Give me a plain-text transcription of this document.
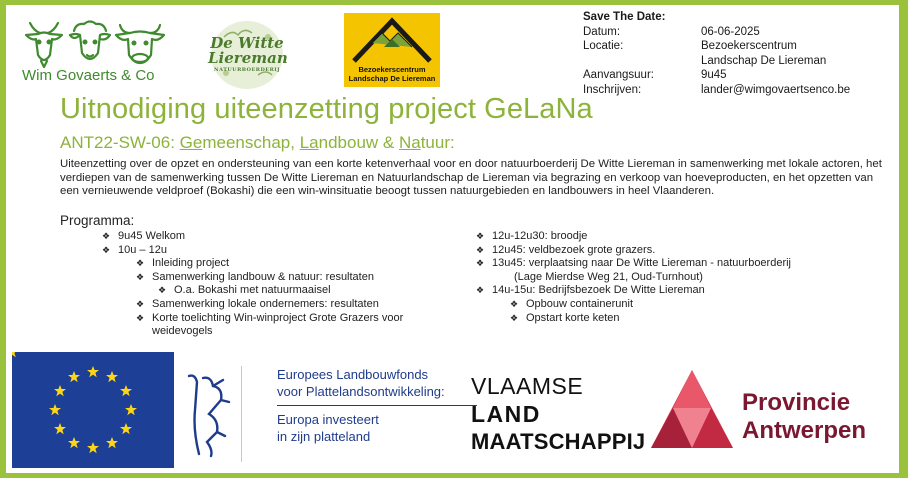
Wim Govaerts & Co
De Witte
Liereman
NATUURBOERDERIJ	Bezoekerscentrum
Landschap De Liereman
Save The Date:
Datum:	06-06-2025
Locatie:	Bezoekerscentrum
Landschap De Liereman
Aanvangsuur:	9u45
Inschrijven:	lander@wimgovaertsenco.be
Uitnodiging uiteenzetting project GeLaNa
ANT22-SW-06: Gemeenschap, Landbouw & Natuur:
Uiteenzetting over de opzet en ondersteuning van een korte ketenverhaal voor en door natuurboerderij De Witte Liereman in samenwerking met lokale actoren, het verdiepen van de samenwerking tussen De Witte Liereman en Natuurlandschap de Liereman via begrazing en verkoop van hoeveproducten, en het opzetten van een vernieuwende veldproef (Bokashi) die een win-winsituatie beoogt tussen natuurgebieden en landbouwers in heel Vlaanderen.
Programma:
❖ 9u45 Welkom
❖ 10u – 12u
❖ Inleiding project
❖ Samenwerking landbouw & natuur: resultaten
❖ O.a. Bokashi met natuurmaaisel
❖ Samenwerking lokale ondernemers: resultaten
❖ Korte toelichting Win-winproject Grote Grazers voor
weidevogels
❖ 12u-12u30: broodje
❖ 12u45: veldbezoek grote grazers.
❖ 13u45: verplaatsing naar De Witte Liereman - natuurboerderij
(Lage Mierdse Weg 21, Oud-Turnhout)
❖ 14u-15u: Bedrijfsbezoek De Witte Liereman
❖ Opbouw containerunit
❖ Opstart korte keten
Europees Landbouwfonds
voor Plattelandsontwikkeling:
Europa investeert
in zijn platteland
VLAAMSE
LAND
MAATSCHAPPIJ
Provincie
Antwerpen
